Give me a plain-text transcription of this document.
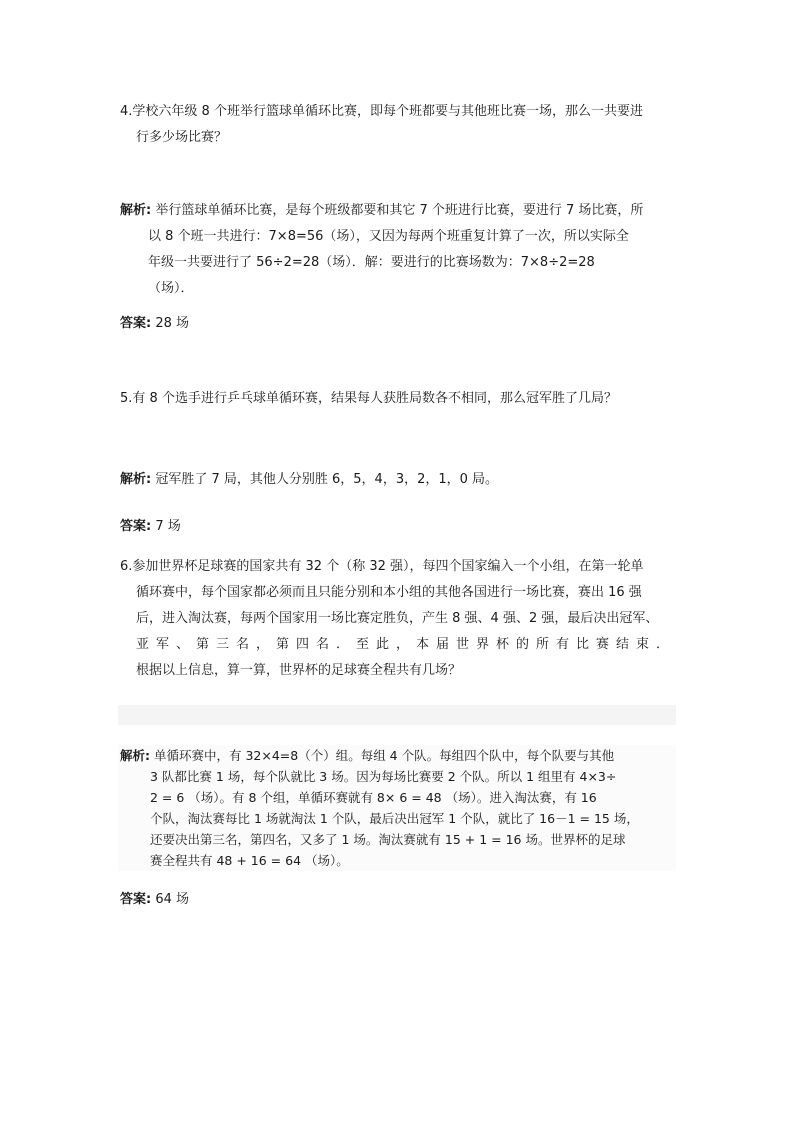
4.学校六年级 8 个班举行篮球单循环比赛，即每个班都要与其他班比赛一场，那么一共要进
行多少场比赛？
解析: 举行篮球单循环比赛，是每个班级都要和其它 7 个班进行比赛，要进行 7 场比赛，所
以 8 个班一共进行：7×8=56（场），又因为每两个班重复计算了一次，所以实际全
年级一共要进行了 56÷2=28（场）．解：要进行的比赛场数为：7×8÷2=28
（场）．
答案: 28 场
5.有 8 个选手进行乒乓球单循环赛，结果每人获胜局数各不相同，那么冠军胜了几局？
解析: 冠军胜了 7 局，其他人分别胜 6，5，4，3，2，1，0 局。
答案: 7 场
6.参加世界杯足球赛的国家共有 32 个（称 32 强），每四个国家编入一个小组，在第一轮单
循环赛中，每个国家都必须而且只能分别和本小组的其他各国进行一场比赛，赛出 16 强
后，进入淘汰赛，每两个国家用一场比赛定胜负，产生 8 强、4 强、2 强，最后决出冠军、
亚军、第三名，第四名．至此，本届世界杯的所有比赛结束．
根据以上信息，算一算，世界杯的足球赛全程共有几场？
解析: 单循环赛中，有 32×4=8（个）组。每组 4 个队。每组四个队中，每个队要与其他
3 队都比赛 1 场，每个队就比 3 场。因为每场比赛要 2 个队。所以 1 组里有 4×3÷
2 = 6 （场）。有 8 个组，单循环赛就有 8× 6 = 48 （场）。进入淘汰赛，有 16
个队，淘汰赛每比 1 场就淘汰 1 个队，最后决出冠军 1 个队，就比了 16－1 = 15 场，
还要决出第三名，第四名，又多了 1 场。淘汰赛就有 15 + 1 = 16 场。世界杯的足球
赛全程共有 48 + 16 = 64 （场）。
答案: 64 场
